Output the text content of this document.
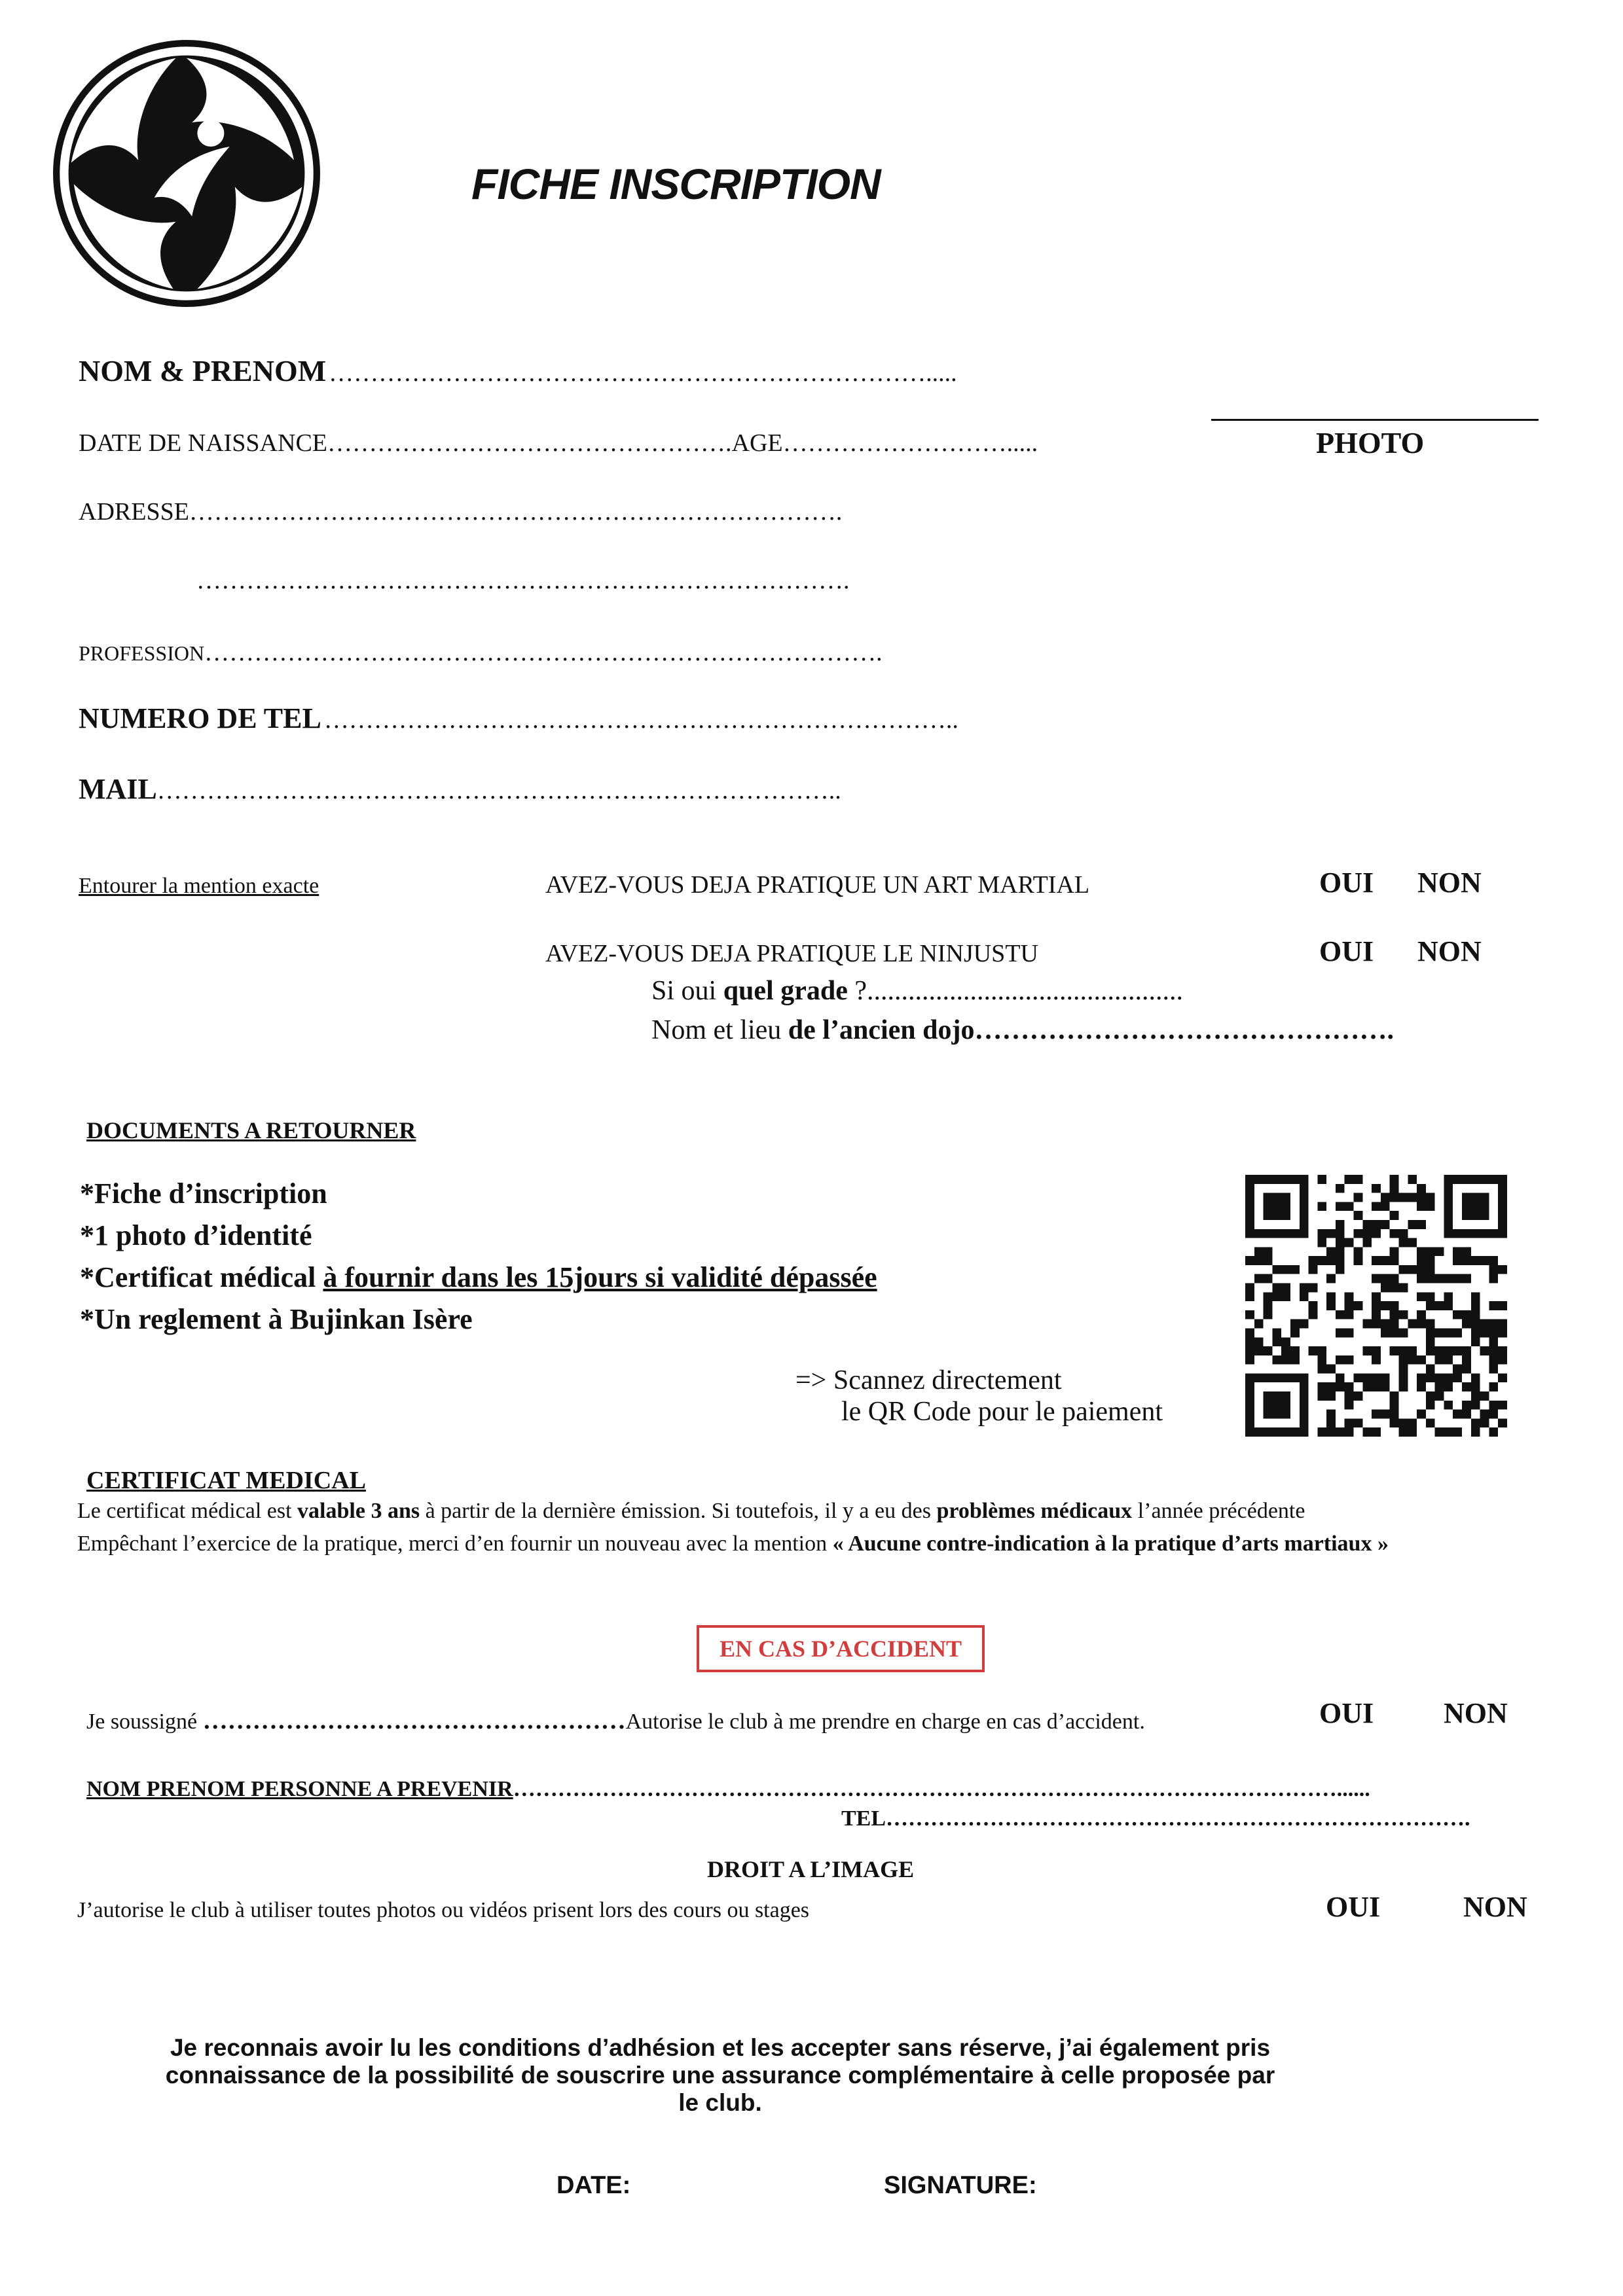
FICHE INSCRIPTION
NOM & PRENOM ……………………………………………………………….....
DATE DE NAISSANCE………………………………………….AGE……………………….....	PHOTO
ADRESSE…………………………………………………………………….
…………………………………………………………………….
PROFESSION……………………………………………………………………….
NUMERO DE TEL …………………………………………………………………..
MAIL………………………………………………………………………..
Entourer la mention exacte	AVEZ-VOUS DEJA PRATIQUE UN ART MARTIAL	OUI NON
AVEZ-VOUS DEJA PRATIQUE LE NINJUSTU	OUI NON
Si oui quel grade ?..............................................
Nom et lieu de l’ancien dojo……………………………………….
DOCUMENTS A RETOURNER
*Fiche d’inscription
*1 photo d’identité
*Certificat médical à fournir dans les 15jours si validité dépassée
*Un reglement à Bujinkan Isère
=> Scannez directement
le QR Code pour le paiement
CERTIFICAT MEDICAL
Le certificat médical est valable 3 ans à partir de la dernière émission. Si toutefois, il y a eu des problèmes médicaux l’année précédente
Empêchant l’exercice de la pratique, merci d’en fournir un nouveau avec la mention « Aucune contre-indication à la pratique d’arts martiaux »
EN CAS D’ACCIDENT
Je soussigné ……………………………………………Autorise le club à me prendre en charge en cas d’accident.	OUI NON
NOM PRENOM PERSONNE A PREVENIR…………………………………………………………………………………………………......
TEL…………………………………………………………………….
DROIT A L’IMAGE
J’autorise le club à utiliser toutes photos ou vidéos prisent lors des cours ou stages	OUI	NON
Je reconnais avoir lu les conditions d’adhésion et les accepter sans réserve, j’ai également pris connaissance de la possibilité de souscrire une assurance complémentaire à celle proposée par le club.
DATE:	SIGNATURE:
